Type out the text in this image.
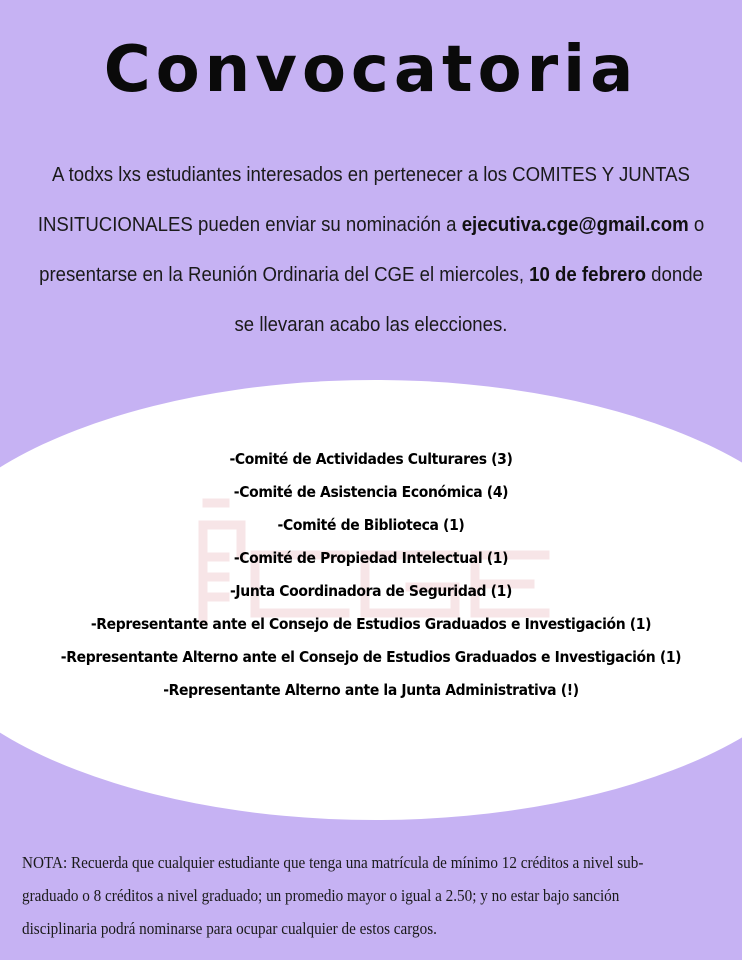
Convocatoria
A todxs lxs estudiantes interesados en pertenecer a los COMITES Y JUNTAS INSITUCIONALES pueden enviar su nominación a ejecutiva.cge@gmail.com o presentarse en la Reunión Ordinaria del CGE el miercoles, 10 de febrero donde se llevaran acabo las elecciones.
-Comité de Actividades Culturares (3)
-Comité de Asistencia Económica (4)
-Comité de Biblioteca (1)
-Comité de Propiedad Intelectual (1)
-Junta Coordinadora de Seguridad (1)
-Representante ante el Consejo de Estudios Graduados e Investigación (1)
-Representante Alterno ante el Consejo de Estudios Graduados e Investigación (1)
-Representante Alterno ante la Junta Administrativa (!)
NOTA: Recuerda que cualquier estudiante que tenga una matrícula de mínimo 12 créditos a nivel sub-graduado o 8 créditos a nivel graduado; un promedio mayor o igual a 2.50; y no estar bajo sanción disciplinaria podrá nominarse para ocupar cualquier de estos cargos.
